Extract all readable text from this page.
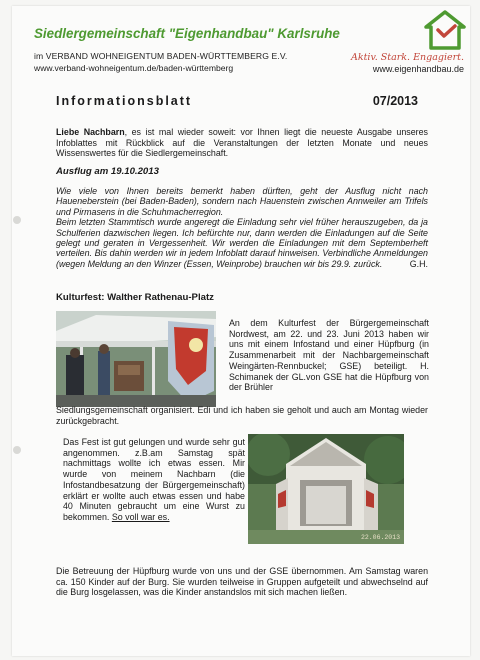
Siedlergemeinschaft "Eigenhandbau" Karlsruhe
im VERBAND WOHNEIGENTUM BADEN-WÜRTTEMBERG E.V.
www.verband-wohneigentum.de/baden-württemberg
Aktiv. Stark. Engagiert.
www.eigenhandbau.de
Informationsblatt	07/2013
Liebe Nachbarn, es ist mal wieder soweit: vor Ihnen liegt die neueste Ausgabe unseres Infoblattes mit Rückblick auf die Veranstaltungen der letzten Monate und neues Wissenswertes für die Siedlergemeinschaft.
Ausflug am 19.10.2013
Wie viele von Ihnen bereits bemerkt haben dürften, geht der Ausflug nicht nach Haueneberstein (bei Baden-Baden), sondern nach Hauenstein zwischen Annweiler am Trifels und Pirmasens in die Schuhmacherregion.
Beim letzten Stammtisch wurde angeregt die Einladung sehr viel früher herauszugeben, da ja Schulferien dazwischen liegen. Ich befürchte nur, dann werden die Einladungen auf die Seite gelegt und geraten in Vergessenheit. Wir werden die Einladungen mit dem Septemberheft verteilen. Bis dahin werden wir in jedem Infoblatt darauf hinweisen. Verbindliche Anmeldungen (wegen Meldung an den Winzer (Essen, Weinprobe) brauchen wir bis 29.9. zurück.	G.H.
Kulturfest: Walther Rathenau-Platz
An dem Kulturfest der Bürgergemeinschaft Nordwest, am 22. und 23. Juni 2013 haben wir uns mit einem Infostand und einer Hüpfburg (in Zusammenarbeit mit der Nachbargemeinschaft Weingärten-Rennbuckel; GSE) beteiligt. H. Schimanek der GL.von GSE hat die Hüpfburg von der Brühler
Siedlungsgemeinschaft organisiert. Edi und ich haben sie geholt und auch am Montag wieder zurückgebracht.
Das Fest ist gut gelungen und wurde sehr gut angenommen. z.B.am Samstag spät nachmittags wollte ich etwas essen. Mir wurde von meinem Nachbarn (die Infostandbesatzung der Bürgergemeinschaft) erklärt er wollte auch etwas essen und habe 40 Minuten gebraucht um eine Wurst zu bekommen. So voll war es.
22.06.2013
Die Betreuung der Hüpfburg wurde von uns und der GSE übernommen. Am Samstag waren ca. 150 Kinder auf der Burg. Sie wurden teilweise in Gruppen aufgeteilt und abwechselnd auf die Burg losgelassen, was die Kinder anstandslos mit sich machen ließen.
